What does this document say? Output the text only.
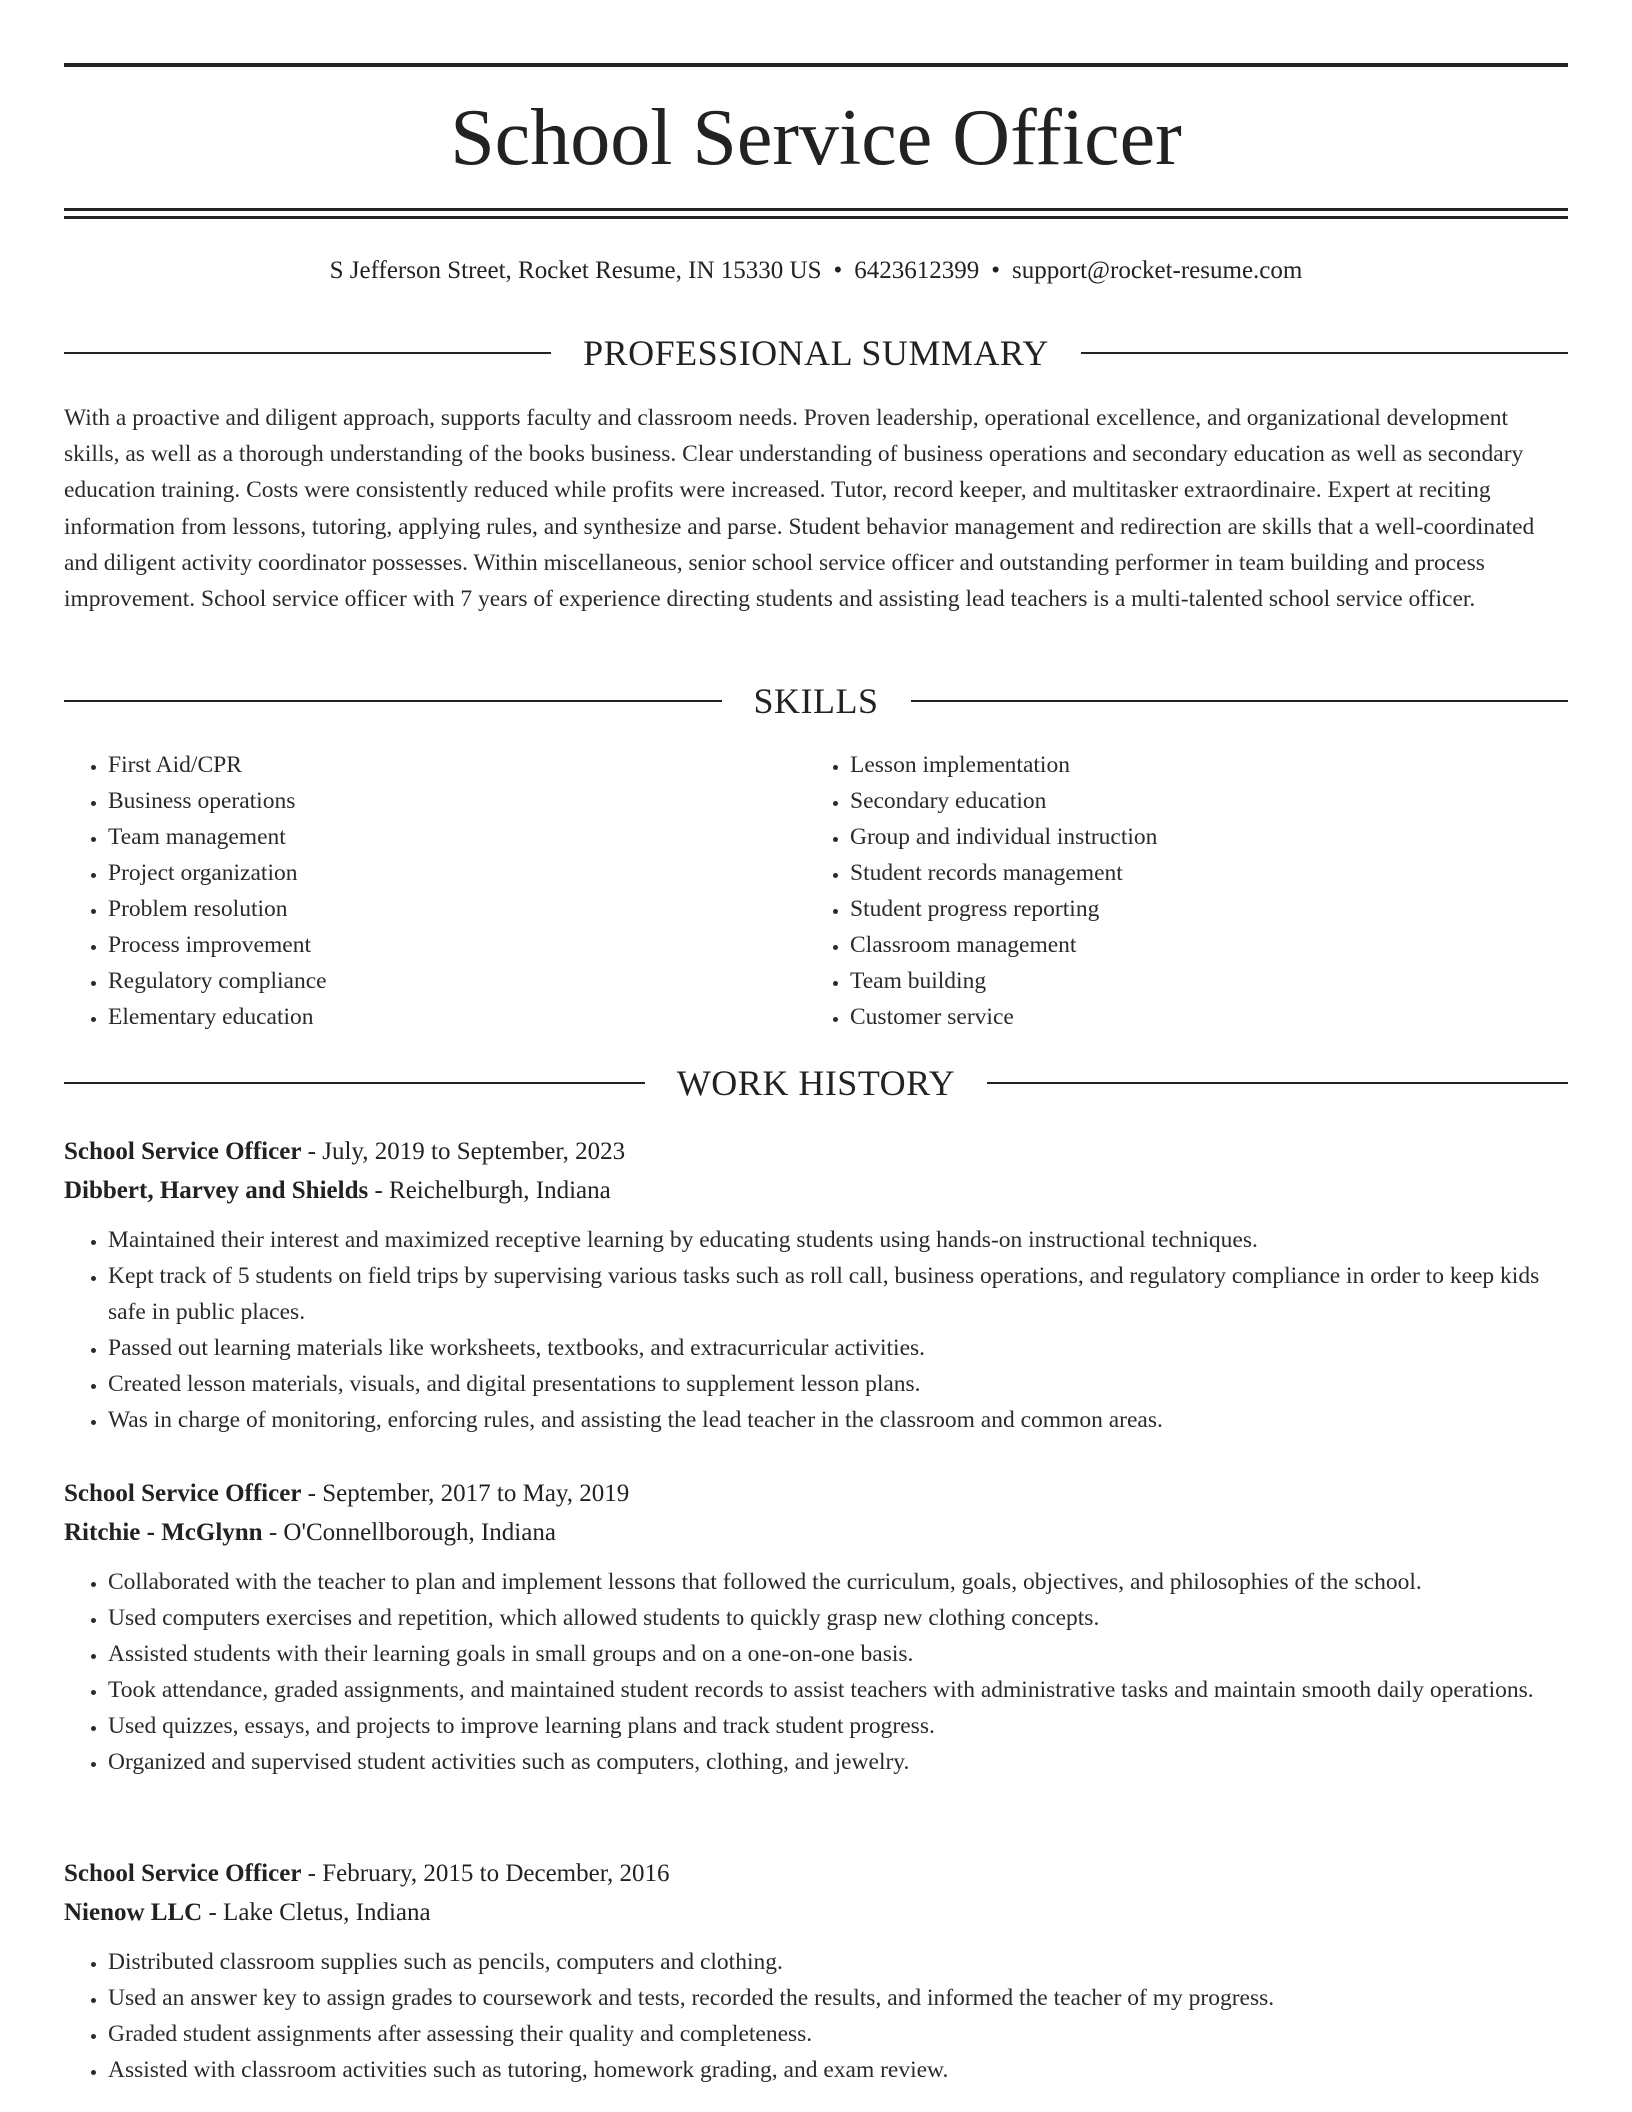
School Service Officer
S Jefferson Street, Rocket Resume, IN 15330 US • 6423612399 • support@rocket-resume.com
PROFESSIONAL SUMMARY

With a proactive and diligent approach, supports faculty and classroom needs. Proven leadership, operational excellence, and organizational development skills, as well as a thorough understanding of the books business. Clear understanding of business operations and secondary education as well as secondary education training. Costs were consistently reduced while profits were increased. Tutor, record keeper, and multitasker extraordinaire. Expert at reciting information from lessons, tutoring, applying rules, and synthesize and parse. Student behavior management and redirection are skills that a well-coordinated and diligent activity coordinator possesses. Within miscellaneous, senior school service officer and outstanding performer in team building and process improvement. School service officer with 7 years of experience directing students and assisting lead teachers is a multi-talented school service officer.

SKILLS
• First Aid/CPR
• Business operations
• Team management
• Project organization
• Problem resolution
• Process improvement
• Regulatory compliance
• Elementary education
• Lesson implementation
• Secondary education
• Group and individual instruction
• Student records management
• Student progress reporting
• Classroom management
• Team building
• Customer service
WORK HISTORY
School Service Officer - July, 2019 to September, 2023
Dibbert, Harvey and Shields - Reichelburgh, Indiana
• Maintained their interest and maximized receptive learning by educating students using hands-on instructional techniques.
• Kept track of 5 students on field trips by supervising various tasks such as roll call, business operations, and regulatory compliance in order to keep kids safe in public places.
• Passed out learning materials like worksheets, textbooks, and extracurricular activities.
• Created lesson materials, visuals, and digital presentations to supplement lesson plans.
• Was in charge of monitoring, enforcing rules, and assisting the lead teacher in the classroom and common areas.
School Service Officer - September, 2017 to May, 2019
Ritchie - McGlynn - O'Connellborough, Indiana
• Collaborated with the teacher to plan and implement lessons that followed the curriculum, goals, objectives, and philosophies of the school.
• Used computers exercises and repetition, which allowed students to quickly grasp new clothing concepts.
• Assisted students with their learning goals in small groups and on a one-on-one basis.
• Took attendance, graded assignments, and maintained student records to assist teachers with administrative tasks and maintain smooth daily operations.
• Used quizzes, essays, and projects to improve learning plans and track student progress.
• Organized and supervised student activities such as computers, clothing, and jewelry.
School Service Officer - February, 2015 to December, 2016
Nienow LLC - Lake Cletus, Indiana
• Distributed classroom supplies such as pencils, computers and clothing.
• Used an answer key to assign grades to coursework and tests, recorded the results, and informed the teacher of my progress.
• Graded student assignments after assessing their quality and completeness.
• Assisted with classroom activities such as tutoring, homework grading, and exam review.
